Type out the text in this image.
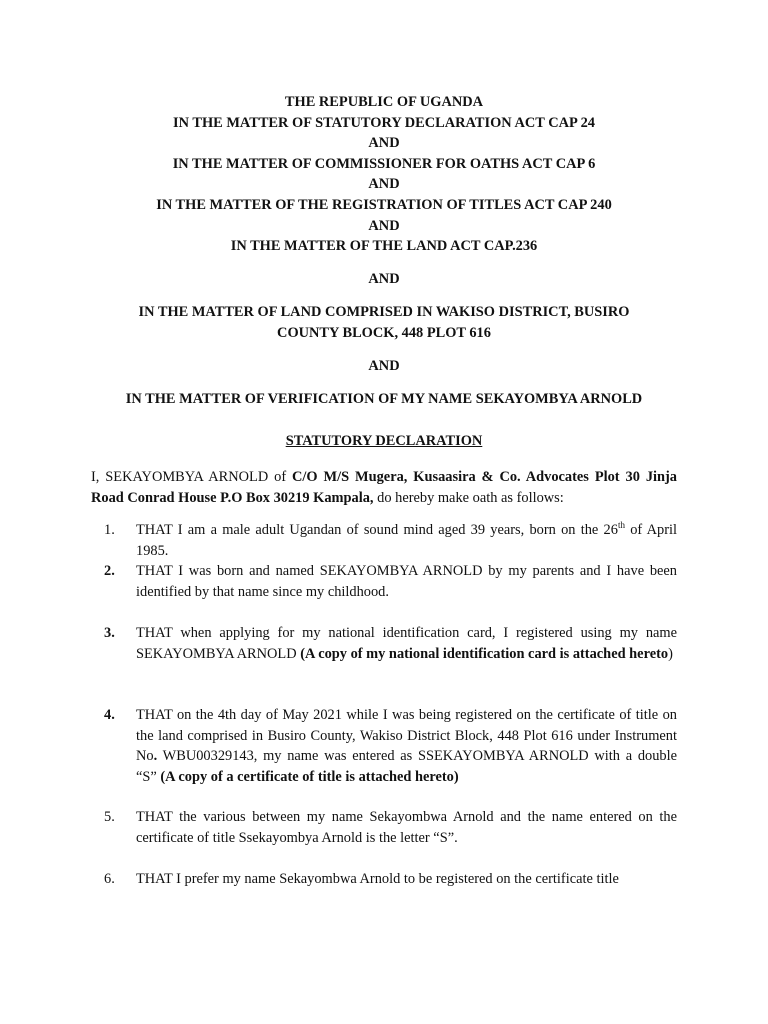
THE REPUBLIC OF UGANDA
IN THE MATTER OF STATUTORY DECLARATION ACT CAP 24
AND
IN THE MATTER OF COMMISSIONER FOR OATHS ACT CAP 6
AND
IN THE MATTER OF THE REGISTRATION OF TITLES ACT CAP 240
AND
IN THE MATTER OF THE LAND ACT CAP.236
AND
IN THE MATTER OF LAND COMPRISED IN WAKISO DISTRICT, BUSIRO
COUNTY BLOCK, 448 PLOT 616
AND
IN THE MATTER OF VERIFICATION OF MY NAME SEKAYOMBYA ARNOLD
STATUTORY DECLARATION
I, SEKAYOMBYA ARNOLD of C/O M/S Mugera, Kusaasira & Co. Advocates Plot 30 Jinja Road Conrad House P.O Box 30219 Kampala, do hereby make oath as follows:
1.	THAT I am a male adult Ugandan of sound mind aged 39 years, born on the 26th of April 1985.
2.	THAT I was born and named SEKAYOMBYA ARNOLD by my parents and I have been identified by that name since my childhood.
3.	THAT when applying for my national identification card, I registered using my name SEKAYOMBYA ARNOLD (A copy of my national identification card is attached hereto)
4.	THAT on the 4th day of May 2021 while I was being registered on the certificate of title on the land comprised in Busiro County, Wakiso District Block, 448 Plot 616 under Instrument No. WBU00329143, my name was entered as SSEKAYOMBYA ARNOLD with a double “S” (A copy of a certificate of title is attached hereto)
5.	THAT the various between my name Sekayombwa Arnold and the name entered on the certificate of title Ssekayombya Arnold is the letter “S”.
6.	THAT I prefer my name Sekayombwa Arnold to be registered on the certificate title
